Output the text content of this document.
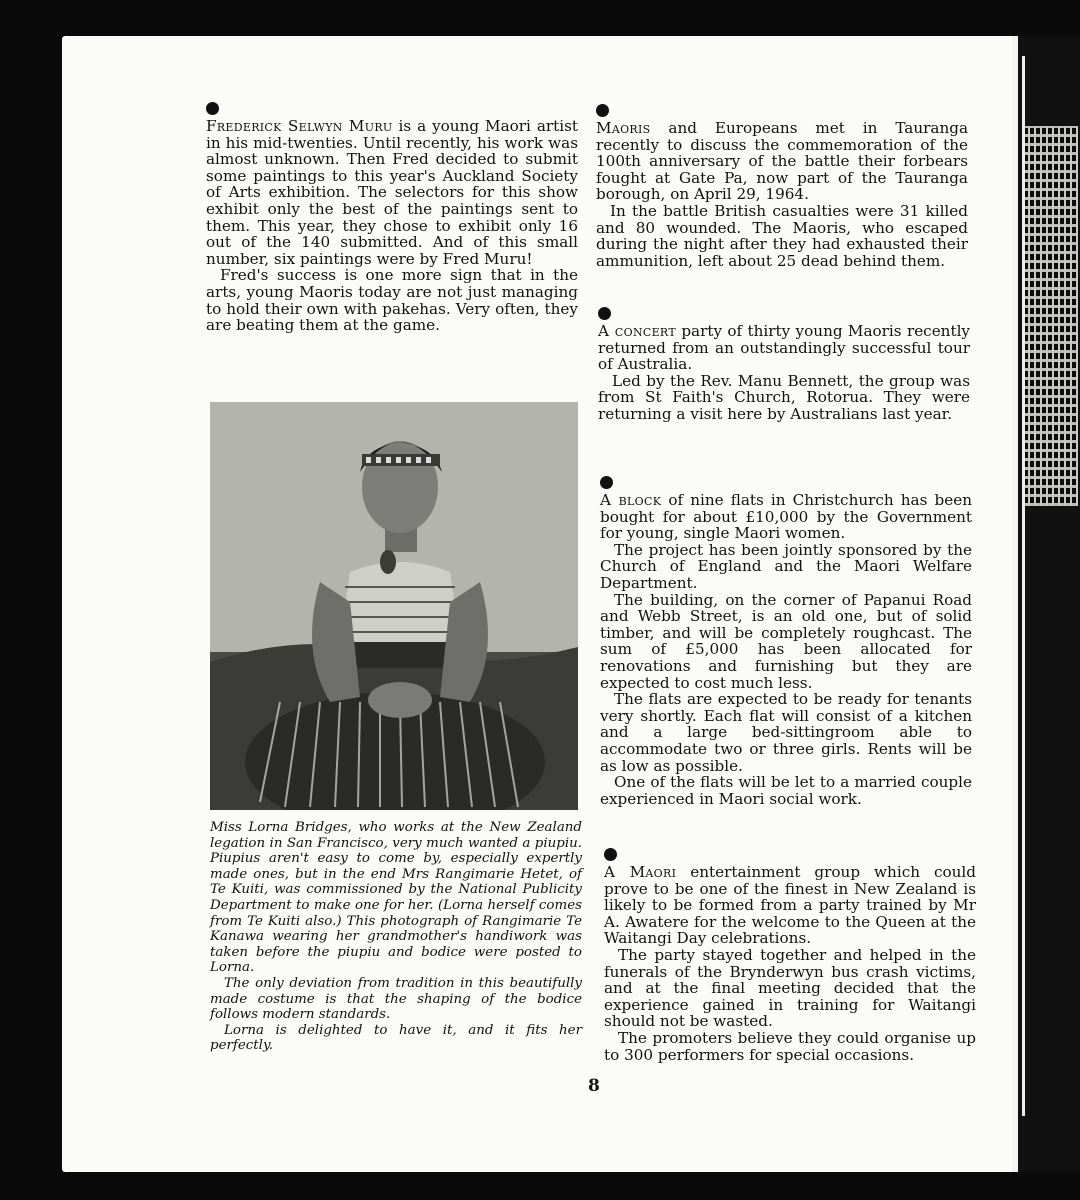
Frederick Selwyn Muru is a young Maori artist in his mid-twenties. Until recently, his work was almost unknown. Then Fred decided to submit some paintings to this year's Auckland Society of Arts exhibition. The selectors for this show exhibit only the best of the paintings sent to them. This year, they chose to exhibit only 16 out of the 140 submitted. And of this small number, six paintings were by Fred Muru!

Fred's success is one more sign that in the arts, young Maoris today are not just managing to hold their own with pakehas. Very often, they are beating them at the game.

Miss Lorna Bridges, who works at the New Zealand legation in San Francisco, very much wanted a piupiu. Piupius aren't easy to come by, especially expertly made ones, but in the end Mrs Rangimarie Hetet, of Te Kuiti, was commissioned by the National Publicity Department to make one for her. (Lorna herself comes from Te Kuiti also.) This photograph of Rangimarie Te Kanawa wearing her grandmother's handiwork was taken before the piupiu and bodice were posted to Lorna.

The only deviation from tradition in this beautifully made costume is that the shaping of the bodice follows modern standards.

Lorna is delighted to have it, and it fits her perfectly.

Maoris and Europeans met in Tauranga recently to discuss the commemoration of the 100th anniversary of the battle their forbears fought at Gate Pa, now part of the Tauranga borough, on April 29, 1964.

In the battle British casualties were 31 killed and 80 wounded. The Maoris, who escaped during the night after they had exhausted their ammunition, left about 25 dead behind them.

A concert party of thirty young Maoris recently returned from an outstandingly successful tour of Australia.

Led by the Rev. Manu Bennett, the group was from St Faith's Church, Rotorua. They were returning a visit here by Australians last year.

A block of nine flats in Christchurch has been bought for about £10,000 by the Government for young, single Maori women.

The project has been jointly sponsored by the Church of England and the Maori Welfare Department.

The building, on the corner of Papanui Road and Webb Street, is an old one, but of solid timber, and will be completely roughcast. The sum of £5,000 has been allocated for renovations and furnishing but they are expected to cost much less.

The flats are expected to be ready for tenants very shortly. Each flat will consist of a kitchen and a large bed-sittingroom able to accommodate two or three girls. Rents will be as low as possible.

One of the flats will be let to a married couple experienced in Maori social work.

A Maori entertainment group which could prove to be one of the finest in New Zealand is likely to be formed from a party trained by Mr A. Awatere for the welcome to the Queen at the Waitangi Day celebrations.

The party stayed together and helped in the funerals of the Brynderwyn bus crash victims, and at the final meeting decided that the experience gained in training for Waitangi should not be wasted.

The promoters believe they could organise up to 300 performers for special occasions.

8
